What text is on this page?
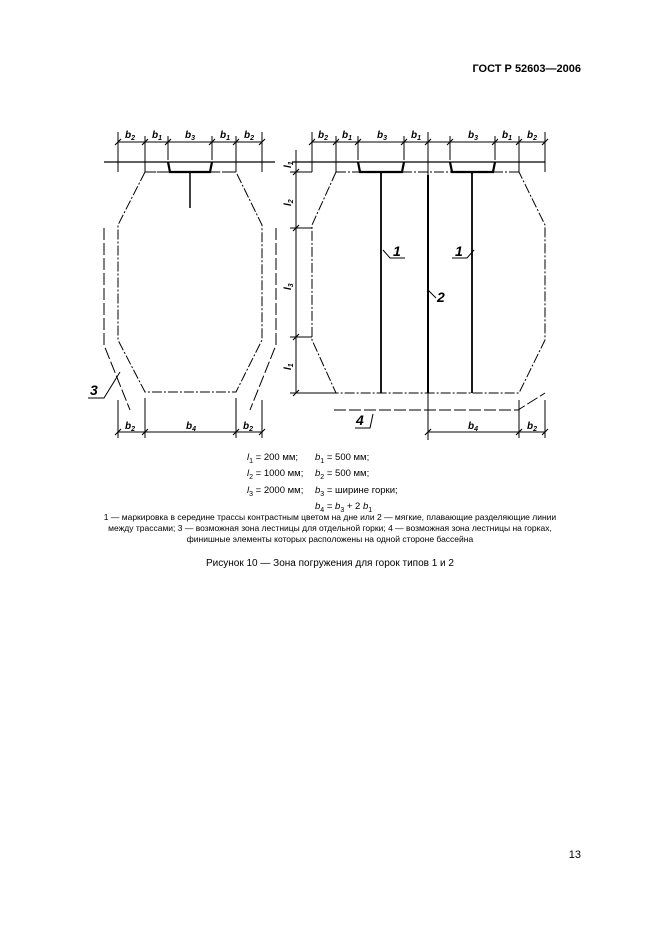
ГОСТ Р 52603—2006
$b_2$ $b_1$ $b_3$ $b_1$ $b_2$	$b_2$ $b_1$ $b_3$ $b_1$	$b_3$ $b_1$ $b_2$
$b_2$	$b_4$	$b_2$	$b_4$	$b_2$
$l_1$
$l_2$
$l_3$
$l_1$
3
1	1
2
4
$l_1 = 200$ мм; $b_1 = 500$ мм;
$l_2 = 1000$ мм; $b_2 = 500$ мм;
$l_3 = 2000$ мм; $b_3$ = ширине горки;
$b_4 = b_3 + 2$ $b_1$
1 — маркировка в середине трассы контрастным цветом на дне или 2 — мягкие, плавающие разделяющие линии
между трассами; 3 — возможная зона лестницы для отдельной горки; 4 — возможная зона лестницы на горках,
финишные элементы которых расположены на одной стороне бассейна
Рисунок 10 — Зона погружения для горок типов 1 и 2
13
